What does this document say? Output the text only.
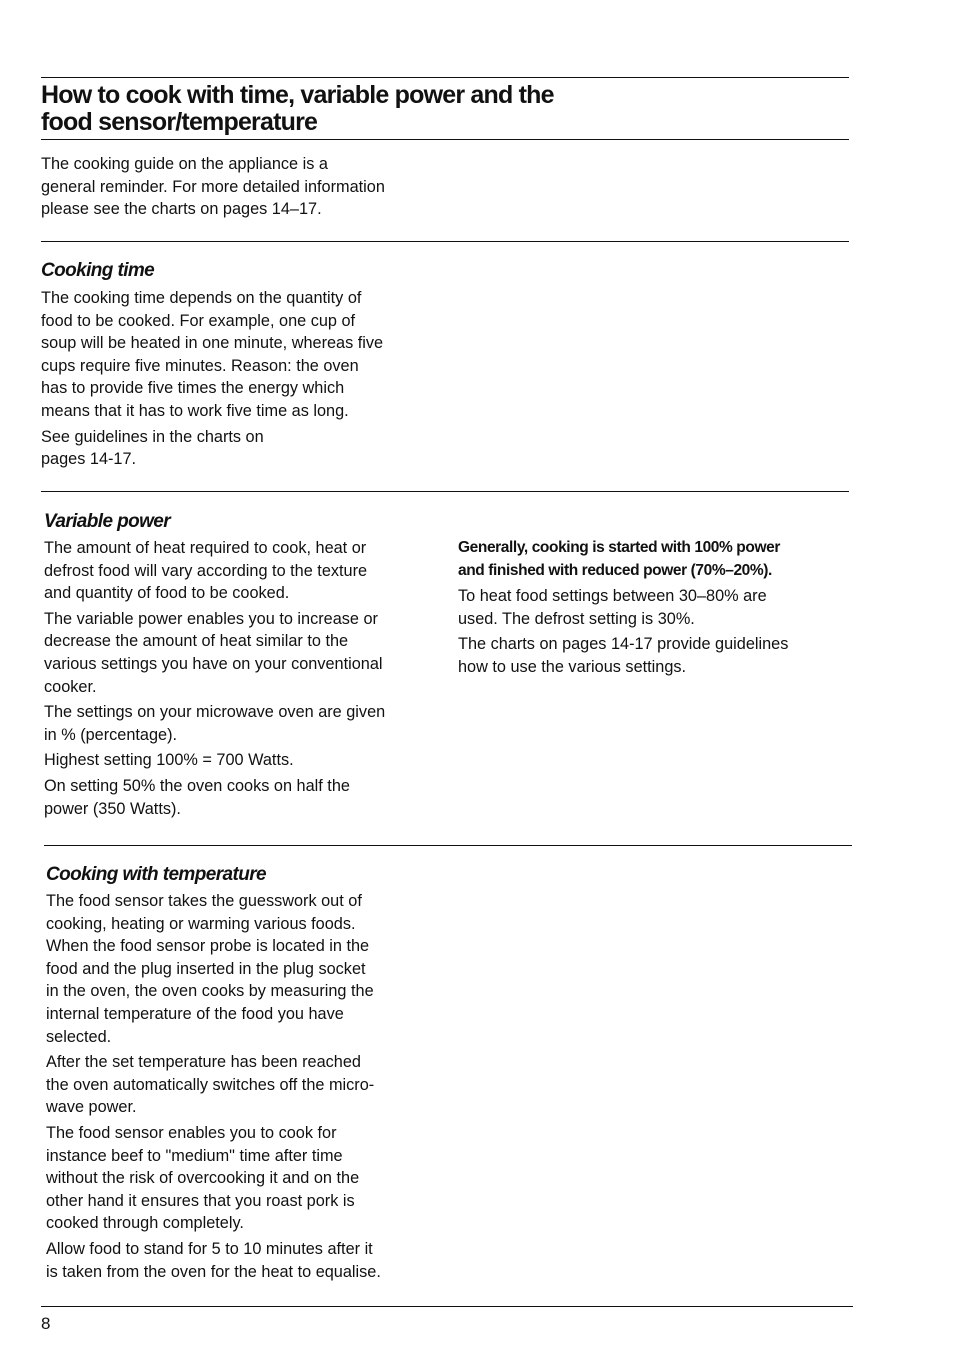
How to cook with time, variable power and the
food sensor/temperature

The cooking guide on the appliance is a
general reminder. For more detailed information
please see the charts on pages 14–17.

Cooking time

The cooking time depends on the quantity of
food to be cooked. For example, one cup of
soup will be heated in one minute, whereas five
cups require five minutes. Reason: the oven
has to provide five times the energy which
means that it has to work five time as long.

See guidelines in the charts on
pages 14-17.

Variable power

The amount of heat required to cook, heat or
defrost food will vary according to the texture
and quantity of food to be cooked.

The variable power enables you to increase or
decrease the amount of heat similar to the
various settings you have on your conventional
cooker.

The settings on your microwave oven are given
in % (percentage).

Highest setting 100% = 700 Watts.

On setting 50% the oven cooks on half the
power (350 Watts).

Generally, cooking is started with 100% power
and finished with reduced power (70%–20%).

To heat food settings between 30–80% are
used. The defrost setting is 30%.

The charts on pages 14-17 provide guidelines
how to use the various settings.

Cooking with temperature

The food sensor takes the guesswork out of
cooking, heating or warming various foods.
When the food sensor probe is located in the
food and the plug inserted in the plug socket
in the oven, the oven cooks by measuring the
internal temperature of the food you have
selected.

After the set temperature has been reached
the oven automatically switches off the micro-
wave power.

The food sensor enables you to cook for
instance beef to "medium" time after time
without the risk of overcooking it and on the
other hand it ensures that you roast pork is
cooked through completely.

Allow food to stand for 5 to 10 minutes after it
is taken from the oven for the heat to equalise.

8
